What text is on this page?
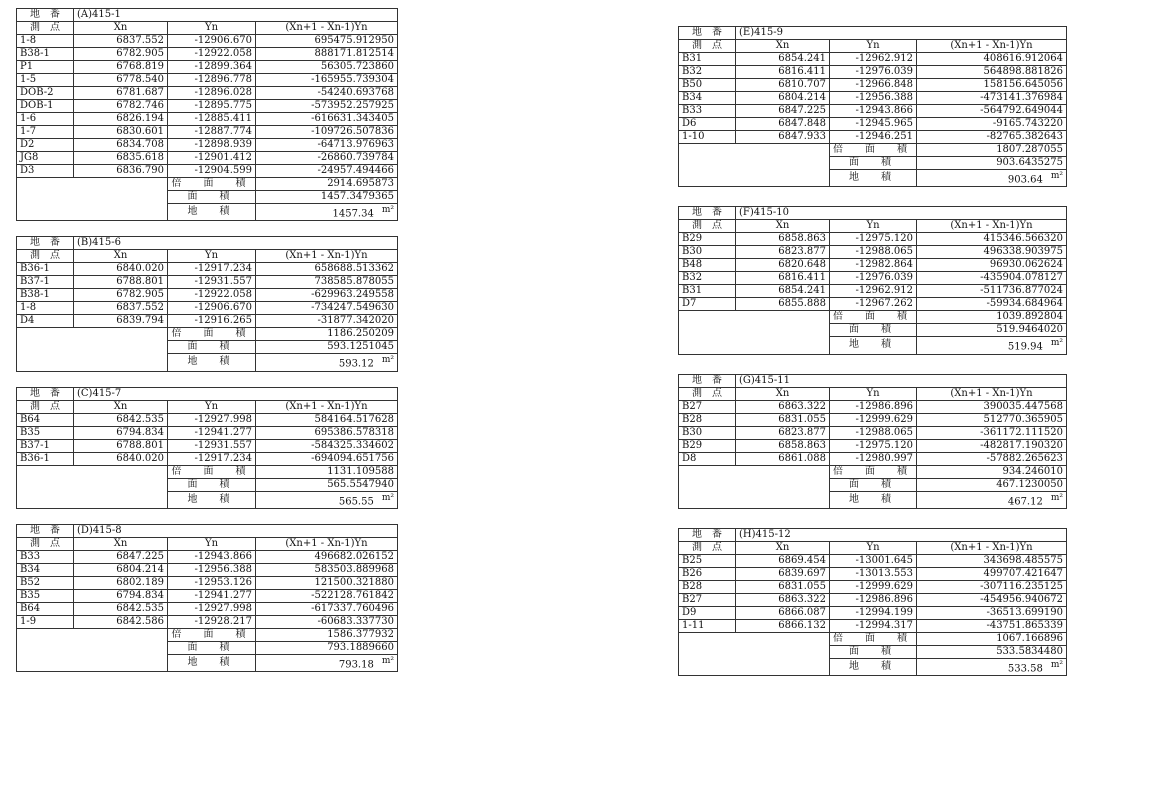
地　番	(A)415-1		
測　点	Xn	Yn	(Xn+1 - Xn-1)Yn
1-8	6837.552	-12906.670	695475.912950
B38-1	6782.905	-12922.058	888171.812514
P1	6768.819	-12899.364	56305.723860
1-5	6778.540	-12896.778	-165955.739304
DOB-2	6781.687	-12896.028	-54240.693768
DOB-1	6782.746	-12895.775	-573952.257925
1-6	6826.194	-12885.411	-616631.343405
1-7	6830.601	-12887.774	-109726.507836
D2	6834.708	-12898.939	-64713.976963
JG8	6835.618	-12901.412	-26860.739784
D3	6836.790	-12904.599	-24957.494466
		倍　面　積	2914.695873
		面　積	1457.3479365
		地　積	1457.34 m²
地　番	(B)415-6		
測　点	Xn	Yn	(Xn+1 - Xn-1)Yn
B36-1	6840.020	-12917.234	658688.513362
B37-1	6788.801	-12931.557	738585.878055
B38-1	6782.905	-12922.058	-629963.249558
1-8	6837.552	-12906.670	-734247.549630
D4	6839.794	-12916.265	-31877.342020
		倍　面　積	1186.250209
		面　積	593.1251045
		地　積	593.12 m²
地　番	(C)415-7		
測　点	Xn	Yn	(Xn+1 - Xn-1)Yn
B64	6842.535	-12927.998	584164.517628
B35	6794.834	-12941.277	695386.578318
B37-1	6788.801	-12931.557	-584325.334602
B36-1	6840.020	-12917.234	-694094.651756
		倍　面　積	1131.109588
		面　積	565.5547940
		地　積	565.55 m²
地　番	(D)415-8		
測　点	Xn	Yn	(Xn+1 - Xn-1)Yn
B33	6847.225	-12943.866	496682.026152
B34	6804.214	-12956.388	583503.889968
B52	6802.189	-12953.126	121500.321880
B35	6794.834	-12941.277	-522128.761842
B64	6842.535	-12927.998	-617337.760496
1-9	6842.586	-12928.217	-60683.337730
		倍　面　積	1586.377932
		面　積	793.1889660
		地　積	793.18 m²
地　番	(E)415-9		
測　点	Xn	Yn	(Xn+1 - Xn-1)Yn
B31	6854.241	-12962.912	408616.912064
B32	6816.411	-12976.039	564898.881826
B50	6810.707	-12966.848	158156.645056
B34	6804.214	-12956.388	-473141.376984
B33	6847.225	-12943.866	-564792.649044
D6	6847.848	-12945.965	-9165.743220
1-10	6847.933	-12946.251	-82765.382643
		倍　面　積	1807.287055
		面　積	903.6435275
		地　積	903.64 m²
地　番	(F)415-10		
測　点	Xn	Yn	(Xn+1 - Xn-1)Yn
B29	6858.863	-12975.120	415346.566320
B30	6823.877	-12988.065	496338.903975
B48	6820.648	-12982.864	96930.062624
B32	6816.411	-12976.039	-435904.078127
B31	6854.241	-12962.912	-511736.877024
D7	6855.888	-12967.262	-59934.684964
		倍　面　積	1039.892804
		面　積	519.9464020
		地　積	519.94 m²
地　番	(G)415-11		
測　点	Xn	Yn	(Xn+1 - Xn-1)Yn
B27	6863.322	-12986.896	390035.447568
B28	6831.055	-12999.629	512770.365905
B30	6823.877	-12988.065	-361172.111520
B29	6858.863	-12975.120	-482817.190320
D8	6861.088	-12980.997	-57882.265623
		倍　面　積	934.246010
		面　積	467.1230050
		地　積	467.12 m²
地　番	(H)415-12		
測　点	Xn	Yn	(Xn+1 - Xn-1)Yn
B25	6869.454	-13001.645	343698.485575
B26	6839.697	-13013.553	499707.421647
B28	6831.055	-12999.629	-307116.235125
B27	6863.322	-12986.896	-454956.940672
D9	6866.087	-12994.199	-36513.699190
1-11	6866.132	-12994.317	-43751.865339
		倍　面　積	1067.166896
		面　積	533.5834480
		地　積	533.58 m²
